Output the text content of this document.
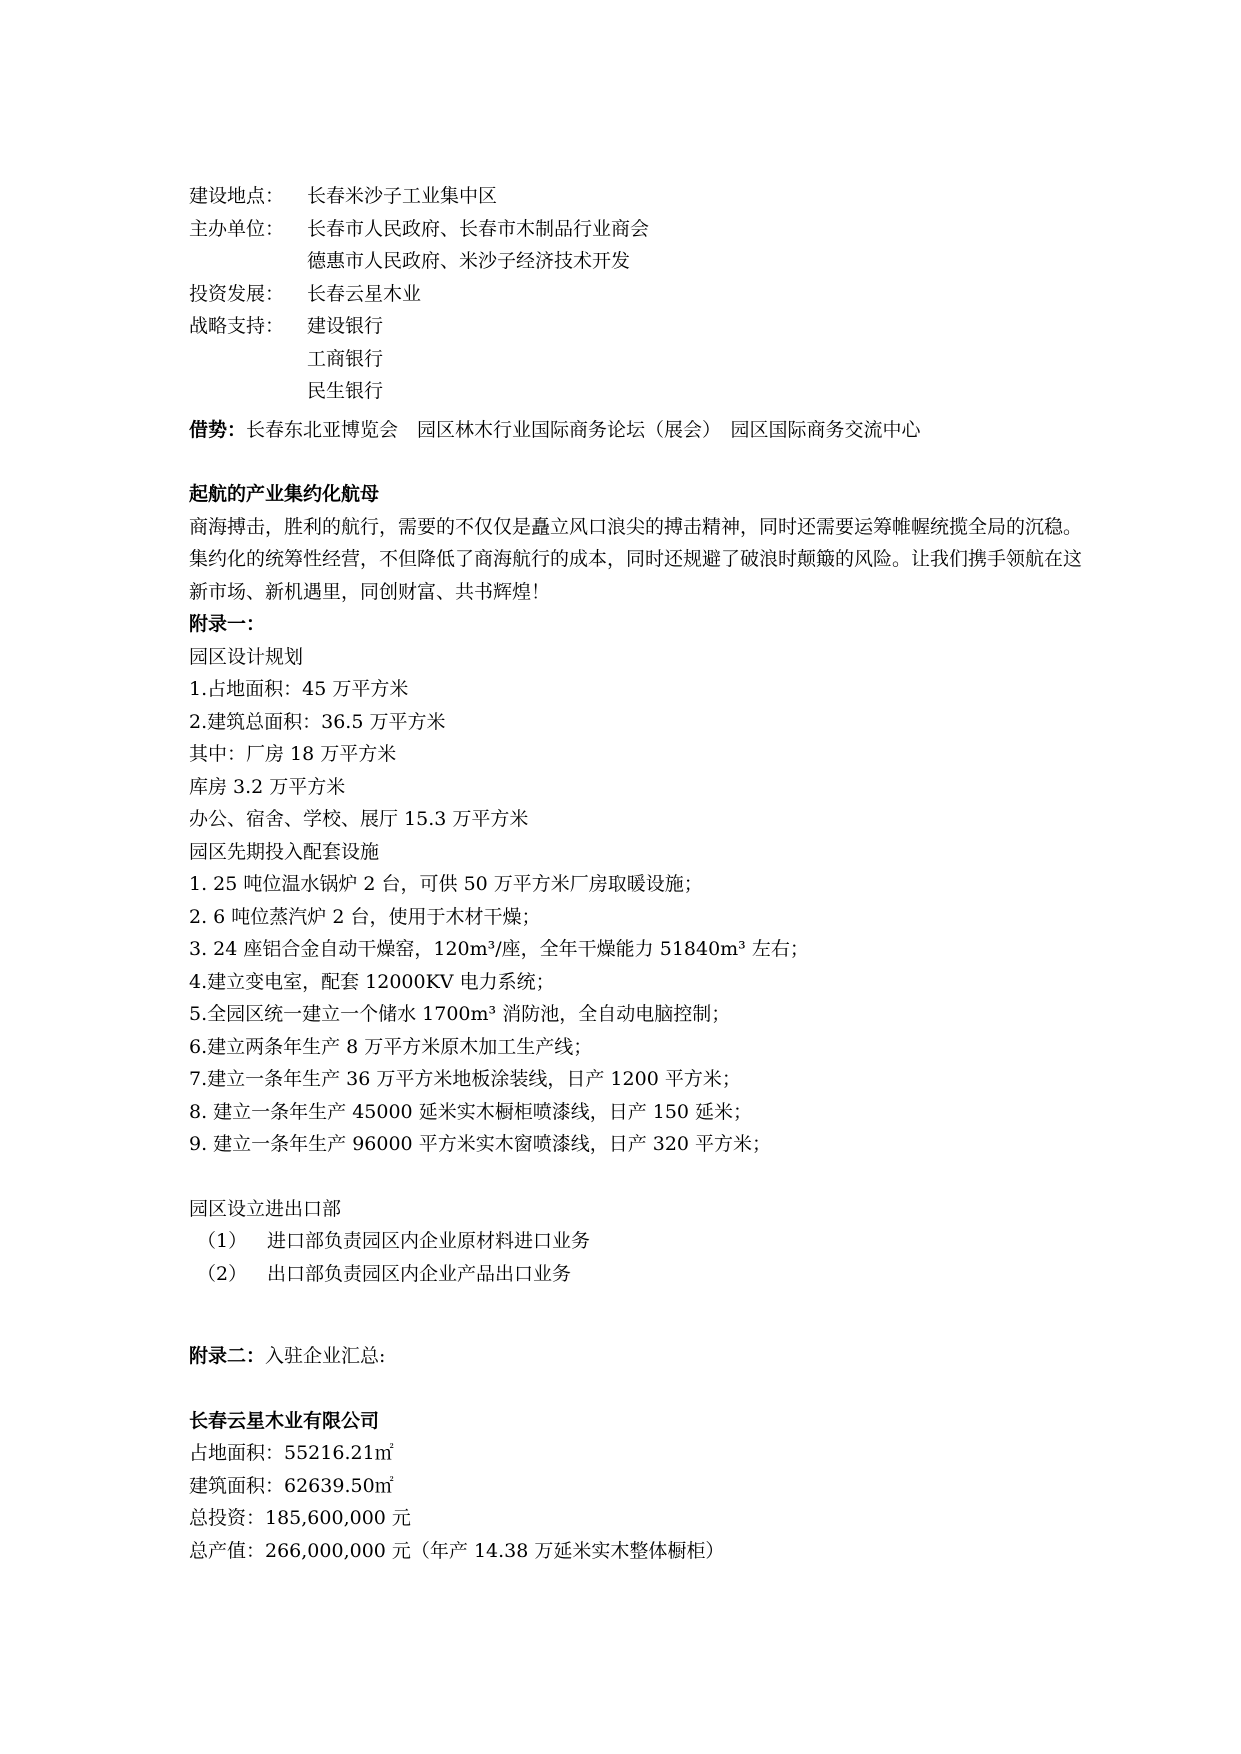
建设地点：	长春米沙子工业集中区
主办单位：	长春市人民政府、长春市木制品行业商会
德惠市人民政府、米沙子经济技术开发
投资发展：	长春云星木业
战略支持：	建设银行
工商银行
民生银行
借势： 长春东北亚博览会　园区林木行业国际商务论坛（展会）　园区国际商务交流中心
起航的产业集约化航母
商海搏击，胜利的航行，需要的不仅仅是矗立风口浪尖的搏击精神，同时还需要运筹帷幄统揽全局的沉稳。集约化的统筹性经营，不但降低了商海航行的成本，同时还规避了破浪时颠簸的风险。让我们携手领航在这新市场、新机遇里，同创财富、共书辉煌！
附录一：
园区设计规划
1.占地面积：45 万平方米
2.建筑总面积：36.5 万平方米
其中：厂房 18 万平方米
库房 3.2 万平方米
办公、宿舍、学校、展厅 15.3 万平方米
园区先期投入配套设施
1. 25 吨位温水锅炉 2 台，可供 50 万平方米厂房取暖设施；
2. 6 吨位蒸汽炉 2 台，使用于木材干燥；
3. 24 座铝合金自动干燥窑，120m³/座，全年干燥能力 51840m³ 左右；
4.建立变电室，配套 12000KV 电力系统；
5.全园区统一建立一个储水 1700m³ 消防池，全自动电脑控制；
6.建立两条年生产 8 万平方米原木加工生产线；
7.建立一条年生产 36 万平方米地板涂装线，日产 1200 平方米；
8. 建立一条年生产 45000 延米实木橱柜喷漆线，日产 150 延米；
9. 建立一条年生产 96000 平方米实木窗喷漆线，日产 320 平方米；
园区设立进出口部
（1） 进口部负责园区内企业原材料进口业务
（2） 出口部负责园区内企业产品出口业务
附录二：入驻企业汇总:
长春云星木业有限公司
占地面积：55216.21㎡
建筑面积：62639.50㎡
总投资：185,600,000 元
总产值：266,000,000 元（年产 14.38 万延米实木整体橱柜）
